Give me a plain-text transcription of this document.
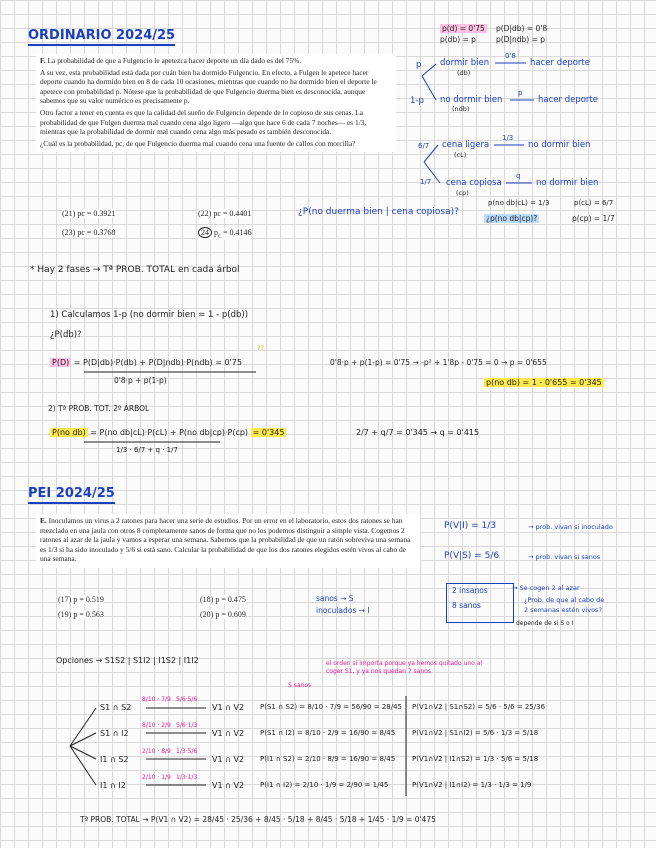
ORDINARIO 2024/25

F. La probabilidad de que a Fulgencio le apetezca hacer deporte un día dado es del 75%.

A su vez, esta probabilidad está dada por cuán bien ha dormido Fulgencio. En efecto, a Fulgen le apetece hacer deporte cuando ha dormido bien en 8 de cada 10 ocasiones, mientras que cuando no ha dormido bien el deporte le apetece con probabilidad p. Nótese que la probabilidad de que Fulgencio duerma bien es desconocida, aunque sabemos que su valor numérico es precisamente p.

Otro factor a tener en cuenta es que la calidad del sueño de Fulgencio depende de lo copioso de sus cenas. La probabilidad de que Fulgen duerma mal cuando cena algo ligero —algo que hace 6 de cada 7 noches— es 1/3, mientras que la probabilidad de dormir mal cuando cena algo más pesado es también desconocida.

¿Cuál es la probabilidad, pc, de que Fulgencio duerma mal cuando cena una fuente de callos con morcilla?

(21) pc = 0.3921	(22) pc = 0.4401
(23) pc = 0.3768	24 $p_c = 0.4146$
p(d) = 0'75 p(D|db) = 0'8
p(db) = p	p(D|ndb) = p
p dormir bien
(db)
0'8
hacer deporte
1-p no dormir bien
(ndb)
p
hacer deporte
6/7 cena ligera
(cL)
1/3
no dormir bien
1/7 cena copiosa
(cp)
q
no dormir bien
¿P(no duerma bien | cena copiosa)?
p(no db|cL) = 1/3	p(cL) = 6/7
¿p(no db|cp)?	p(cp) = 1/7
* Hay 2 fases → Tª PROB. TOTAL en cada árbol
1) Calculamos 1-p (no dormir bien = 1 - p(db))
¿P(db)?
P(D) = P(D|db)·P(db) + P(D|ndb)·P(ndb) = 0'75
??
0'8·p + p(1-p)
0'8·p + p(1-p) = 0'75 → -p² + 1'8p - 0'75 = 0 → p = 0'655
p(no db) = 1 - 0'655 = 0'345
2) Tª PROB. TOT. 2º ÁRBOL
P(no db) = P(no db|cL)·P(cL) + P(no db|cp)·P(cp) = 0'345
1/3 · 6/7 + q · 1/7
2/7 + q/7 = 0'345 → q = 0'415
PEI 2024/25

E. Inoculamos un virus a 2 ratones para hacer una serie de estudios. Por un error en el laboratorio, estos dos ratones se han mezclado en una jaula con otros 8 completamente sanos de forma que no los podemos distinguir a simple vista. Cogemos 2 ratones al azar de la jaula y vamos a esperar una semana. Sabemos que la probabilidad de que un ratón sobreviva una semana es 1/3 si ha sido inoculado y 5/6 si está sano. Calcular la probabilidad de que los dos ratones elegidos estén vivos al cabo de una semana.

(17) p = 0.519	(18) p = 0.475
(19) p = 0.563	(20) p = 0.609
sanos → S
inoculados → I
P(V|I) = 1/3	→ prob. vivan si inoculado
P(V|S) = 5/6	→ prob. vivan si sanos
2 insanos
8 sanos
→ Se cogen 2 al azar
¿Prob. de que al cabo de
2 semanas estén vivos?
depende de si S o I
Opciones → S1S2 | S1I2 | I1S2 | I1I2	el orden sí importa porque ya hemos quitado uno al coger S1, y ya nos quedan 7 sanos
S sanos
8/10 · 7/9
S1 ∩ S2
5/6·5/6
V1 ∩ V2 P(S1 ∩ S2) = 8/10 · 7/9 = 56/90 = 28/45 P(V1∩V2 | S1∩S2) = 5/6 · 5/6 = 25/36
8/10 · 2/9
S1 ∩ I2
5/6·1/3
V1 ∩ V2 P(S1 ∩ I2) = 8/10 · 2/9 = 16/90 = 8/45 P(V1∩V2 | S1∩I2) = 5/6 · 1/3 = 5/18
2/10 · 8/9
I1 ∩ S2
1/3·5/6
V1 ∩ V2 P(I1 ∩ S2) = 2/10 · 8/9 = 16/90 = 8/45 P(V1∩V2 | I1∩S2) = 1/3 · 5/6 = 5/18
2/10 · 1/9
I1 ∩ I2
1/3·1/3
V1 ∩ V2 P(I1 ∩ I2) = 2/10 · 1/9 = 2/90 = 1/45	P(V1∩V2 | I1∩I2) = 1/3 · 1/3 = 1/9
Tª PROB. TOTAL → P(V1 ∩ V2) = 28/45 · 25/36 + 8/45 · 5/18 + 8/45 · 5/18 + 1/45 · 1/9 = 0'475
